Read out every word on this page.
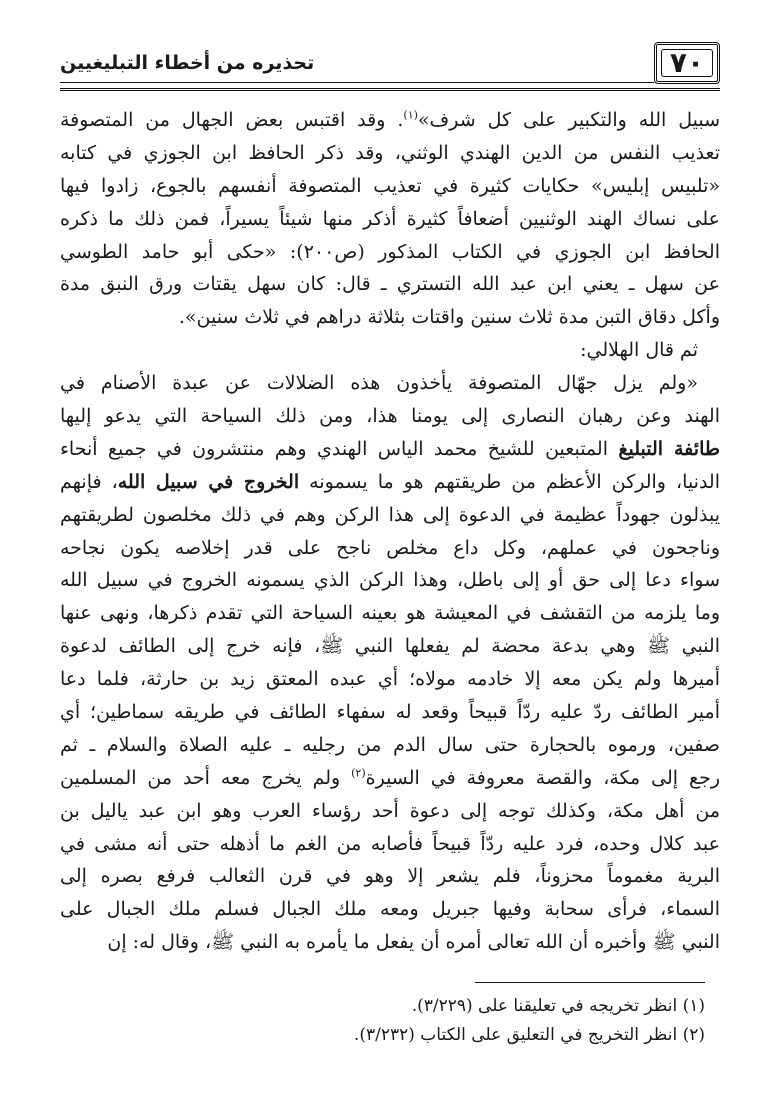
٧٠
تحذيره من أخطاء التبليغيين
سبيل الله والتكبير على كل شرف»$^{(١)}$. وقد اقتبس بعض الجهال من المتصوفة
تعذيب النفس من الدين الهندي الوثني، وقد ذكر الحافظ ابن الجوزي في كتابه
«تلبيس إبليس» حكايات كثيرة في تعذيب المتصوفة أنفسهم بالجوع، زادوا فيها
على نساك الهند الوثنيين أضعافاً كثيرة أذكر منها شيئاً يسيراً، فمن ذلك ما ذكره
الحافظ ابن الجوزي في الكتاب المذكور (ص٢٠٠): «حكى أبو حامد الطوسي
عن سهل ـ يعني ابن عبد الله التستري ـ قال: كان سهل يقتات ورق النبق مدة
وأكل دقاق التبن مدة ثلاث سنين واقتات بثلاثة دراهم في ثلاث سنين».
ثم قال الهلالي:
«ولم يزل جهّال المتصوفة يأخذون هذه الضلالات عن عبدة الأصنام في
الهند وعن رهبان النصارى إلى يومنا هذا، ومن ذلك السياحة التي يدعو إليها
طائفة التبليغ المتبعين للشيخ محمد الياس الهندي وهم منتشرون في جميع أنحاء
الدنيا، والركن الأعظم من طريقتهم هو ما يسمونه الخروج في سبيل الله، فإنهم
يبذلون جهوداً عظيمة في الدعوة إلى هذا الركن وهم في ذلك مخلصون لطريقتهم
وناجحون في عملهم، وكل داع مخلص ناجح على قدر إخلاصه يكون نجاحه
سواء دعا إلى حق أو إلى باطل، وهذا الركن الذي يسمونه الخروج في سبيل الله
وما يلزمه من التقشف في المعيشة هو بعينه السياحة التي تقدم ذكرها، ونهى عنها
النبي ﷺ وهي بدعة محضة لم يفعلها النبي ﷺ، فإنه خرج إلى الطائف لدعوة
أميرها ولم يكن معه إلا خادمه مولاه؛ أي عبده المعتق زيد بن حارثة، فلما دعا
أمير الطائف ردّ عليه ردّاً قبيحاً وقعد له سفهاء الطائف في طريقه سماطين؛ أي
صفين، ورموه بالحجارة حتى سال الدم من رجليه ـ عليه الصلاة والسلام ـ ثم
رجع إلى مكة، والقصة معروفة في السيرة$^{(٢)}$ ولم يخرج معه أحد من المسلمين
من أهل مكة، وكذلك توجه إلى دعوة أحد رؤساء العرب وهو ابن عبد ياليل بن
عبد كلال وحده، فرد عليه ردّاً قبيحاً فأصابه من الغم ما أذهله حتى أنه مشى في
البرية مغموماً محزوناً، فلم يشعر إلا وهو في قرن الثعالب فرفع بصره إلى
السماء، فرأى سحابة وفيها جبريل ومعه ملك الجبال فسلم ملك الجبال على
النبي ﷺ وأخبره أن الله تعالى أمره أن يفعل ما يأمره به النبي ﷺ، وقال له: إن
(١) انظر تخريجه في تعليقنا على (٣/٢٢٩).
(٢) انظر التخريج في التعليق على الكتاب (٣/٢٣٢).
